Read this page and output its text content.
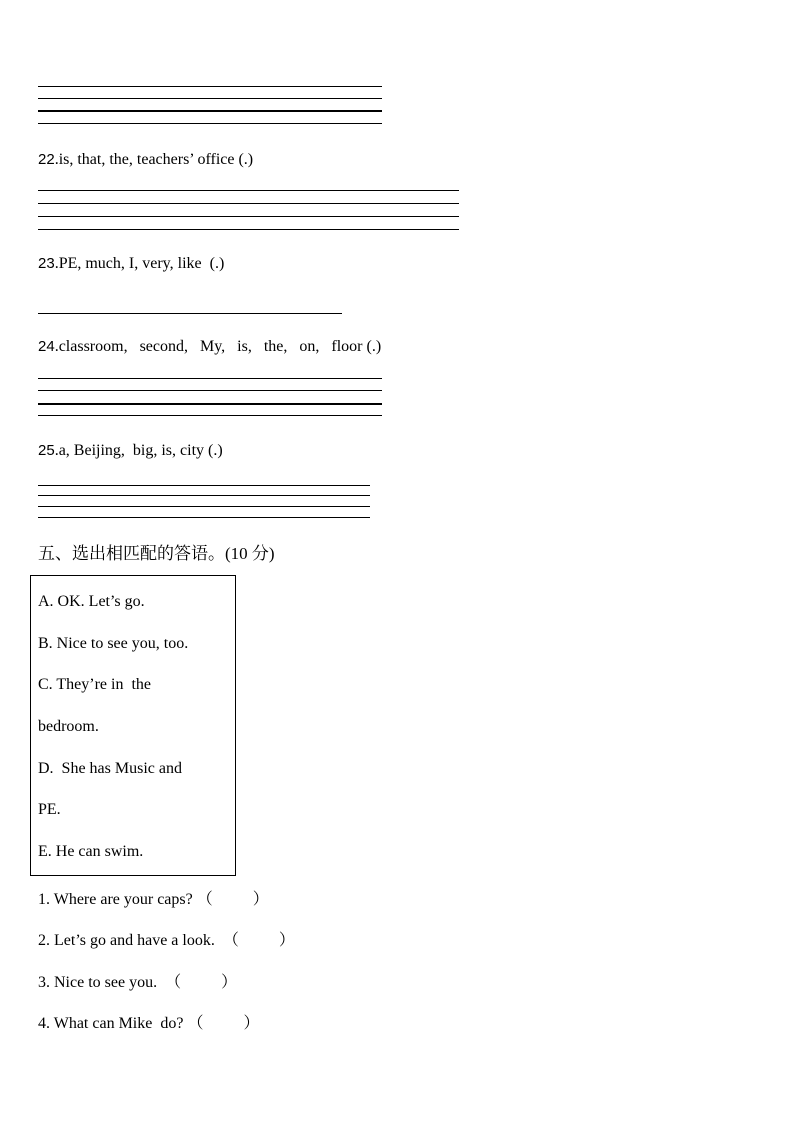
22.is, that, the, teachers’ office (.)
23.PE, much, I, very, like  (.)
24.classroom,   second,   My,   is,   the,   on,   floor (.)
25.a, Beijing,  big, is, city (.)
五、选出相匹配的答语。(10 分)
A. OK. Let’s go.
B. Nice to see you, too.
C. They’re in  the
bedroom.
D.  She has Music and
PE.
E. He can swim.
1. Where are your caps? （          ）
2. Let’s go and have a look.  （          ）
3. Nice to see you.  （          ）
4. What can Mike  do? （          ）
